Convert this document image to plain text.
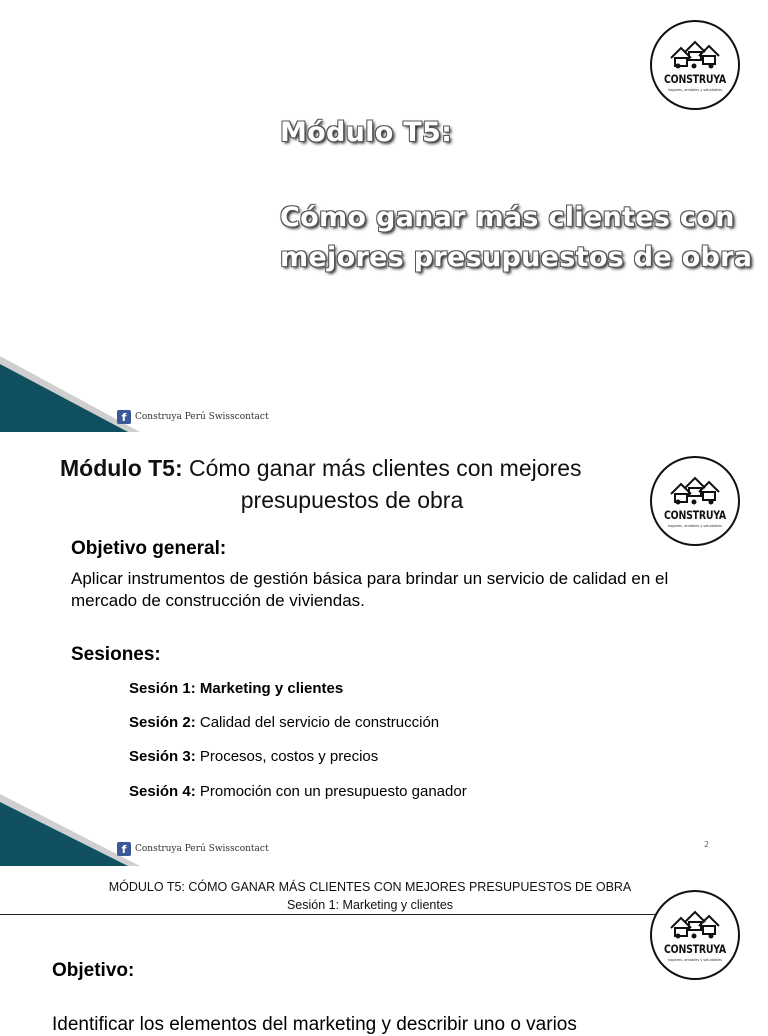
CONSTRUYA
hogares, amables y saludables
Módulo T5:
Cómo ganar más clientes con
mejores presupuestos de obra
f Construya Perú Swisscontact
CONSTRUYA
hogares, amables y saludables
Módulo T5: Cómo ganar más clientes con mejores
presupuestos de obra
Objetivo general:
Aplicar instrumentos de gestión básica para brindar un servicio de calidad en el mercado de construcción de viviendas.
Sesiones:
Sesión 1: Marketing y clientes
Sesión 2: Calidad del servicio de construcción
Sesión 3: Procesos, costos y precios
Sesión 4: Promoción con un presupuesto ganador
f Construya Perú Swisscontact	2
MÓDULO T5: CÓMO GANAR MÁS CLIENTES CON MEJORES PRESUPUESTOS DE OBRA
Sesión 1: Marketing y clientes
CONSTRUYA
hogares, amables y saludables
Objetivo:
Identificar los elementos del marketing y describir uno o varios
